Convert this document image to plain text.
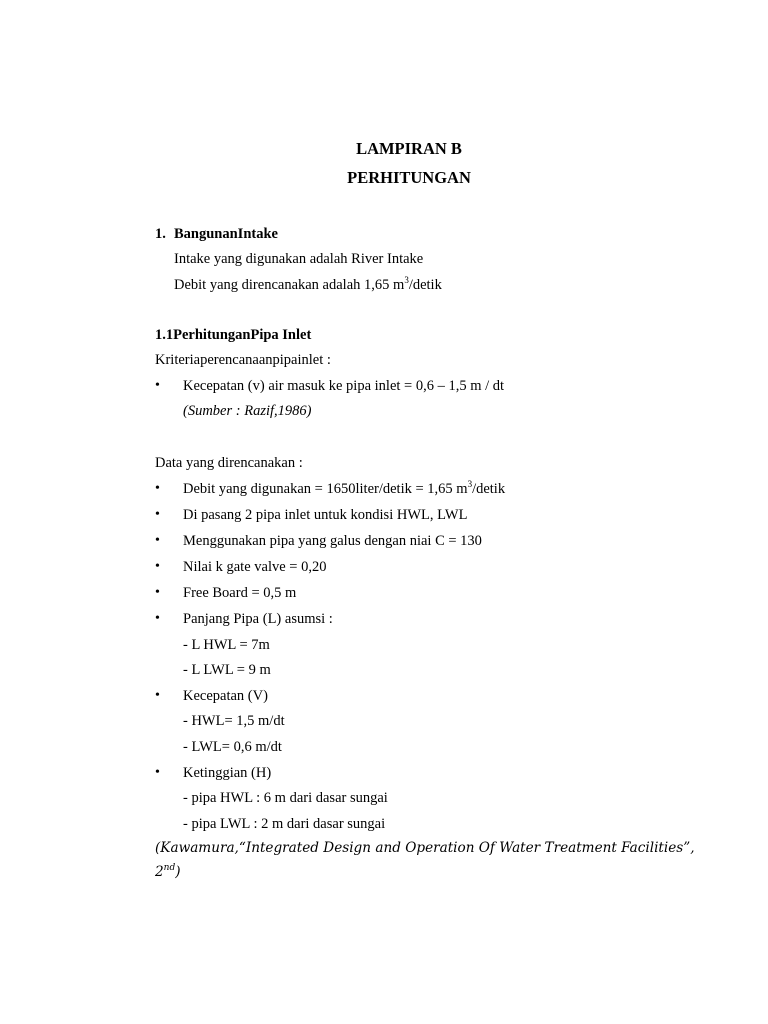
LAMPIRAN B
PERHITUNGAN
1. BangunanIntake
Intake yang digunakan adalah River Intake
Debit yang direncanakan adalah 1,65 $m^3$/detik
1.1PerhitunganPipa Inlet
Kriteriaperencanaanpipainlet :
• Kecepatan (v) air masuk ke pipa inlet = 0,6 – 1,5 m / dt
(Sumber : Razif,1986)
Data yang direncanakan :
• Debit yang digunakan = 1650liter/detik = 1,65 $m^3$/detik
• Di pasang 2 pipa inlet untuk kondisi HWL, LWL
• Menggunakan pipa yang galus dengan niai C = 130
• Nilai k gate valve = 0,20
• Free Board = 0,5 m
• Panjang Pipa (L) asumsi :
- L HWL = 7m
- L LWL = 9 m
• Kecepatan (V)
- HWL= 1,5 m/dt
- LWL= 0,6 m/dt
• Ketinggian (H)
- pipa HWL : 6 m dari dasar sungai
- pipa LWL : 2 m dari dasar sungai
(Kawamura,“Integrated Design and Operation Of Water Treatment Facilities”,
2nd)
